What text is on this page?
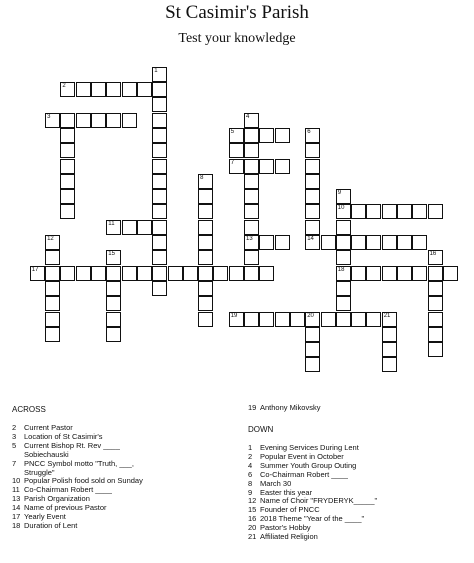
St Casimir's Parish
Test your knowledge
1
2
3	4
5	6
7
8
9
10
11
12	13	14
15	16
17	18
19	20	21
ACROSS
2	Current Pastor
3	Location of St Casimir's
5	Current Bishop Rt. Rev ____
Sobiechauski
7	PNCC Symbol motto "Truth, ___,
Struggle"
10 Popular Polish food sold on Sunday
11 Co-Chairman Robert ____
13 Parish Organization
14 Name of previous Pastor
17 Yearly Event
18 Duration of Lent
19 Anthony Mikovsky
DOWN
1	Evening Services During Lent
2	Popular Event in October
4	Summer Youth Group Outing
6	Co-Chairman Robert ____
8	March 30
9	Easter this year
12 Name of Choir "FRYDERYK_____"
15 Founder of PNCC
16 2018 Theme "Year of the ____"
20 Pastor's Hobby
21 Affiliated Religion
